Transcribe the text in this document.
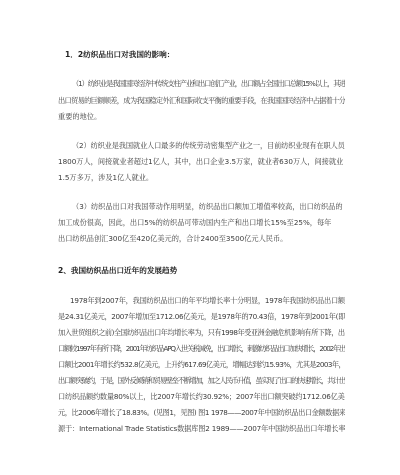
1．2纺织品出口对我国的影响：
（1）纺织业是我国国民经济中传统支柱产业和出口创汇产业，出口额占全国出口总额15%以上，其进
出口贸易的巨额顺差，成为我国稳定外汇和国际收支平衡的重要手段，在我国国民经济中占据着十分
重要的地位。
（2）纺织业是我国就业人口最多的传统劳动密集型产业之一，目前纺织业现有在职人员
1800万人，间接就业者超过1亿人，其中，出口企业3.5万家，就业者630万人，间接就业
1.5万多万，涉及1亿人就业。
（3）纺织品出口对我国带动作用明显，纺织品出口额加工增值率较高，出口纺织品的
加工成份很高，因此，出口5%的纺织品可带动国内生产和出口增长15%至25%，每年
出口纺织品创汇300亿至420亿美元的，合计2400至3500亿元人民币。
2、我国纺织品出口近年的发展趋势
1978年到2007年，我国纺织品出口的年平均增长率十分明显，1978年我国纺织品出口额
是24.31亿美元，2007年增加至1712.06亿美元，是1978年的70.43倍，1978年到2001年(即
加入世贸组织之前)全国纺织品出口年均增长率为，只有1998年受亚洲金融危机影响有所下降，出
口额较1997年有所下降，2001年纺织品APQ入世关税减免，出口增长，刺激纺织品出口加快增长，2002年出
口额比2001年增长约532.8亿美元，上升约617.69亿美元，增幅达到约15.93%，尤其是2003年，
出口额突破约，于是，国外反倾销和贸易壁垒不断增加，加之人民币升值，虽实现了出口的快速增长，共计出
口纺织品额约数量80%以上，比2007年增长约30.92%；2007年出口额突破约1712.06亿美
元，比2006年增长了18.83%。(见图1，见图) 图1 1978——2007年中国纺织品出口金额数据来
源于：International Trade Statistics数据库图2 1989——2007年中国纺织品出口年增长率
